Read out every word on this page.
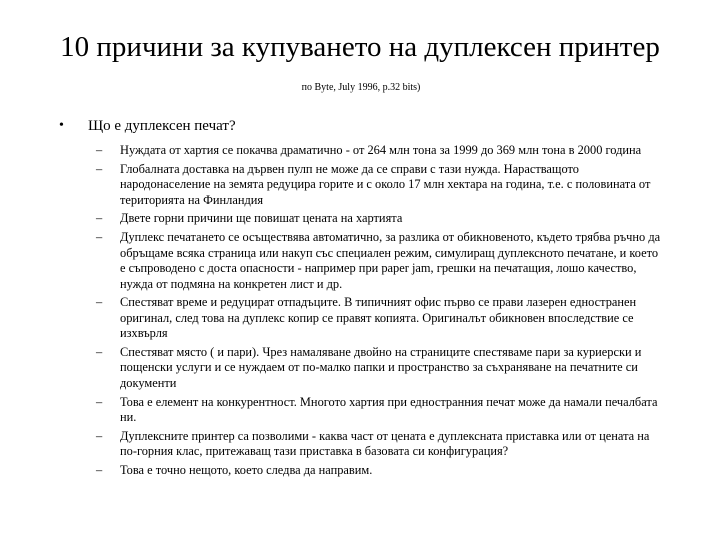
10 причини за купуването на дуплексен принтер по Byte, July 1996, p.32 bits)
• Що е дуплексен печат?
– Нуждата от хартия се покачва драматично - от 264 млн тона за 1999 до 369 млн тона в 2000 година
– Глобалната доставка на дървен пулп не може да се справи с тази нужда. Нарастващото народонаселение на земята редуцира горите и с около 17 млн хектара на година, т.е. с половината от територията на Финландия
– Двете горни причини ще повишат цената на хартията
– Дуплекс печатането се осъществява автоматично, за разлика от обикновеното, където трябва ръчно да обръщаме всяка страница или накуп със специален режим, симулиращ дуплексното печатане, и което е съпроводено с доста опасности - например при paper jam, грешки на печатащия, лошо качество, нужда от подмяна на конкретен лист и др.
– Спестяват време и редуцират отпадъците. В типичният офис първо се прави лазерен едностранен оригинал, след това на дуплекс копир се правят копията. Оригиналът обикновен впоследствие се изхвърля
– Спестяват място ( и пари). Чрез намаляване двойно на страниците спестяваме пари за куриерски и пощенски услуги и се нуждаем от по-малко папки и пространство за съхраняване на печатните си документи
– Това е елемент на конкурентност. Многото хартия при едностранния печат може да намали печалбата ни.
– Дуплексните принтер са позволими - каква част от цената е дуплексната приставка или от цената на по-горния клас, притежаващ тази приставка в базовата си конфигурация?
– Това е точно нещото, което следва да направим.
